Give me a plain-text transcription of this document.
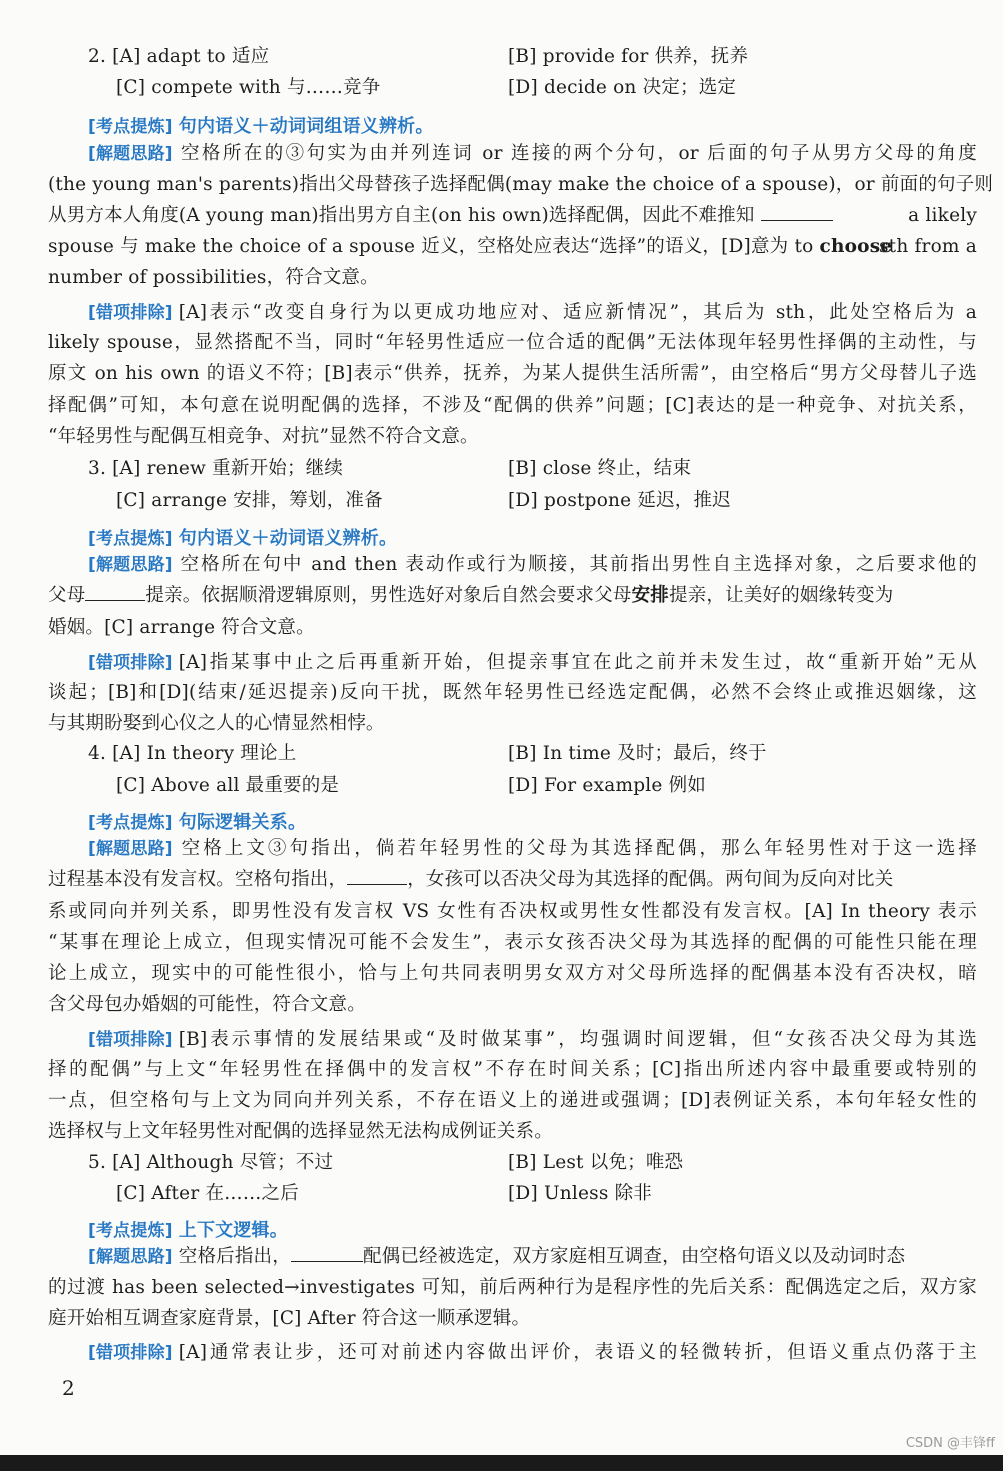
2. [A] adapt to 适应	[B] provide for 供养，抚养
[C] compete with 与……竞争	[D] decide on 决定；选定
[考点提炼] 句内语义＋动词词组语义辨析。
[解题思路] 空格所在的③句实为由并列连词 or 连接的两个分句，or 后面的句子从男方父母的角度
(the young man's parents)指出父母替孩子选择配偶(may make the choice of a spouse)，or 前面的句子则
从男方本人角度(A young man)指出男方自主(on his own)选择配偶，因此不难推知	a likely
spouse 与 make the choice of a spouse 近义，空格处应表达“选择”的语义，[D]意为 to choose
sth from a
number of possibilities，符合文意。
[错项排除] [A]表示“改变自身行为以更成功地应对、适应新情况”，其后为 sth，此处空格后为 a
likely spouse，显然搭配不当，同时“年轻男性适应一位合适的配偶”无法体现年轻男性择偶的主动性，与
原文 on his own 的语义不符；[B]表示“供养，抚养，为某人提供生活所需”，由空格后“男方父母替儿子选
择配偶”可知，本句意在说明配偶的选择，不涉及“配偶的供养”问题；[C]表达的是一种竞争、对抗关系，
“年轻男性与配偶互相竞争、对抗”显然不符合文意。
3. [A] renew 重新开始；继续	[B] close 终止，结束
[C] arrange 安排，筹划，准备	[D] postpone 延迟，推迟
[考点提炼] 句内语义＋动词语义辨析。
[解题思路] 空格所在句中 and then 表动作或行为顺接，其前指出男性自主选择对象，之后要求他的
父母	提亲。依据顺滑逻辑原则，男性选好对象后自然会要求父母安排提亲，让美好的姻缘转变为
婚姻。[C] arrange 符合文意。
[错项排除] [A]指某事中止之后再重新开始，但提亲事宜在此之前并未发生过，故“重新开始”无从
谈起；[B]和[D](结束/延迟提亲)反向干扰，既然年轻男性已经选定配偶，必然不会终止或推迟姻缘，这
与其期盼娶到心仪之人的心情显然相悖。
4. [A] In theory 理论上	[B] In time 及时；最后，终于
[C] Above all 最重要的是	[D] For example 例如
[考点提炼] 句际逻辑关系。
[解题思路] 空格上文③句指出，倘若年轻男性的父母为其选择配偶，那么年轻男性对于这一选择
过程基本没有发言权。空格句指出，	，女孩可以否决父母为其选择的配偶。两句间为反向对比关
系或同向并列关系，即男性没有发言权 VS 女性有否决权或男性女性都没有发言权。[A] In theory 表示
“某事在理论上成立，但现实情况可能不会发生”，表示女孩否决父母为其选择的配偶的可能性只能在理
论上成立，现实中的可能性很小，恰与上句共同表明男女双方对父母所选择的配偶基本没有否决权，暗
含父母包办婚姻的可能性，符合文意。
[错项排除] [B]表示事情的发展结果或“及时做某事”，均强调时间逻辑，但“女孩否决父母为其选
择的配偶”与上文“年轻男性在择偶中的发言权”不存在时间关系；[C]指出所述内容中最重要或特别的
一点，但空格句与上文为同向并列关系，不存在语义上的递进或强调；[D]表例证关系，本句年轻女性的
选择权与上文年轻男性对配偶的选择显然无法构成例证关系。
5. [A] Although 尽管；不过	[B] Lest 以免；唯恐
[C] After 在……之后	[D] Unless 除非
[考点提炼] 上下文逻辑。
[解题思路] 空格后指出，	配偶已经被选定，双方家庭相互调查，由空格句语义以及动词时态
的过渡 has been selected→investigates 可知，前后两种行为是程序性的先后关系：配偶选定之后，双方家
庭开始相互调查家庭背景，[C] After 符合这一顺承逻辑。
[错项排除] [A]通常表让步，还可对前述内容做出评价，表语义的轻微转折，但语义重点仍落于主
2
CSDN @丰锋ff
